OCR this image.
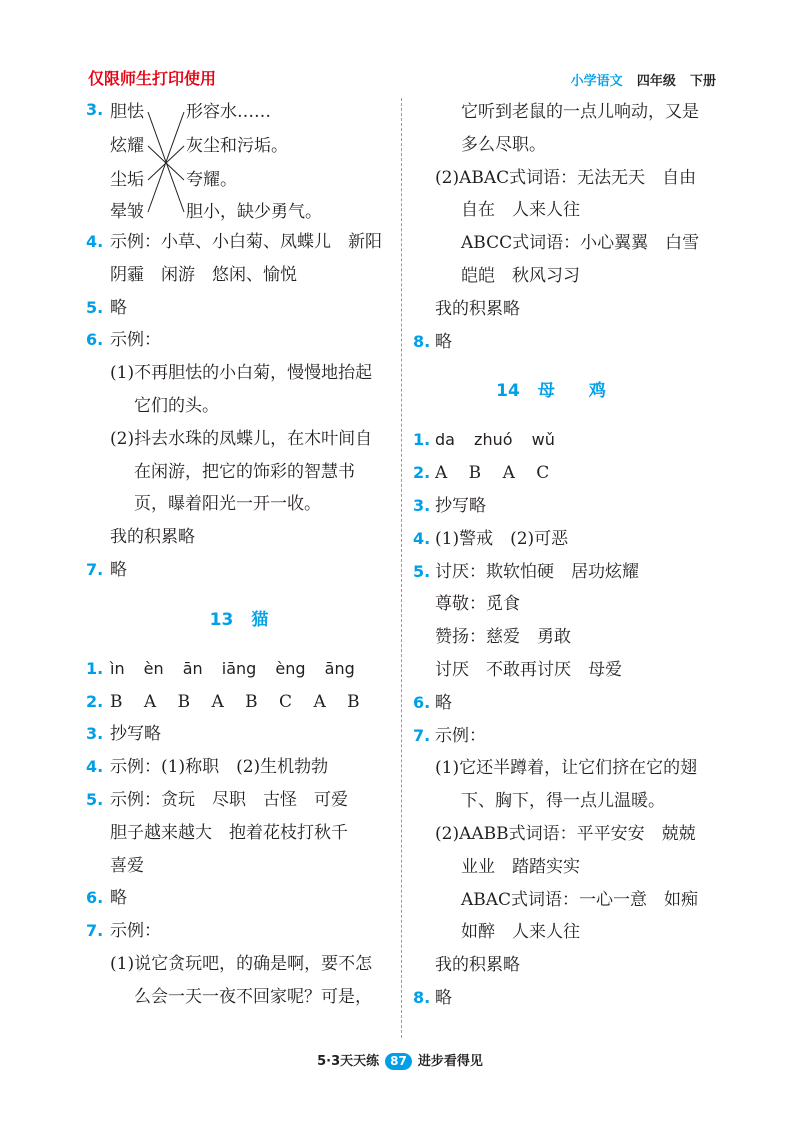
仅限师生打印使用	小学语文 四年级 下册
3. 胆怯
炫耀
尘垢
晕皱
形容水……
灰尘和污垢。
夸耀。
胆小，缺少勇气。
4. 示例：小草、小白菊、凤蝶儿　新阳
阴霾　闲游　悠闲、愉悦
5. 略
6. 示例：
(1)不再胆怯的小白菊，慢慢地抬起
它们的头。
(2)抖去水珠的凤蝶儿，在木叶间自
在闲游，把它的饰彩的智慧书
页，曝着阳光一开一收。
我的积累略
7. 略
13 猫
1. ìn èn ān iāng èng āng
2. B A B A B C A B
3. 抄写略
4. 示例：(1)称职　(2)生机勃勃
5. 示例：贪玩　尽职　古怪　可爱
胆子越来越大　抱着花枝打秋千
喜爱
6. 略
7. 示例：
(1)说它贪玩吧，的确是啊，要不怎
么会一天一夜不回家呢？可是，
它听到老鼠的一点儿响动，又是
多么尽职。
(2)ABAC式词语：无法无天　自由
自在　人来人往
ABCC式词语：小心翼翼　白雪
皑皑　秋风习习
我的积累略
8. 略
14 母鸡
1. da zhuó wǔ
2. A B A C
3. 抄写略
4. (1)警戒　(2)可恶
5. 讨厌：欺软怕硬　居功炫耀
尊敬：觅食
赞扬：慈爱　勇敢
讨厌　不敢再讨厌　母爱
6. 略
7. 示例：
(1)它还半蹲着，让它们挤在它的翅
下、胸下，得一点儿温暖。
(2)AABB式词语：平平安安　兢兢
业业　踏踏实实
ABAC式词语：一心一意　如痴
如醉　人来人往
我的积累略
8. 略
5·3天天练 87 进步看得见
